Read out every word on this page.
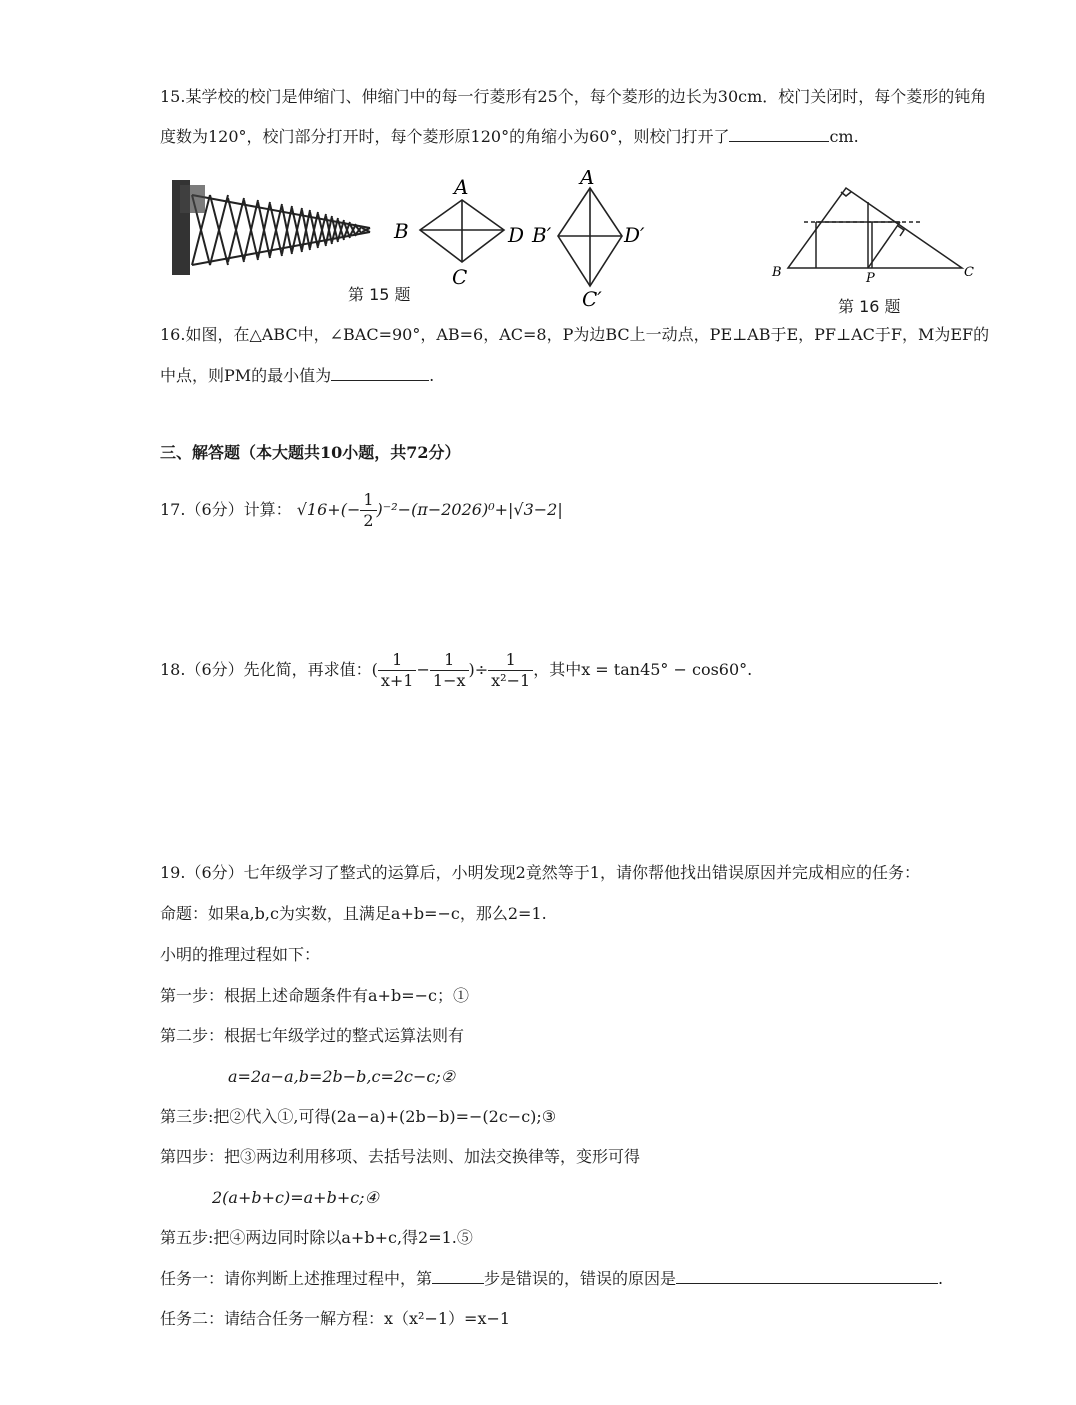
15.某学校的校门是伸缩门、伸缩门中的每一行菱形有25个，每个菱形的边长为30cm．校门关闭时，每个菱形的钝角
度数为120°，校门部分打开时，每个菱形原120°的角缩小为60°，则校门打开了	cm.
A
B
C
D
A
B′
C′
D′
第 15 题
B	P	C
第 16 题
16.如图，在△ABC中，∠BAC=90°，AB=6，AC=8，P为边BC上一动点，PE⊥AB于E，PF⊥AC于F，M为EF的
中点，则PM的最小值为	.
三、解答题（本大题共10小题，共72分）
17.（6分）计算： $√16+(- \frac{1}{2} )^{-2}-(\pi-2026)^0+|√3-2|$
18.（6分）先化简，再求值：( $\frac{1}{x+1} - \frac{1}{1-x}$ )÷ $\frac{1}{\text{x²−1}}$ ，其中x = tan45° − cos60°.
19.（6分）七年级学习了整式的运算后，小明发现2竟然等于1，请你帮他找出错误原因并完成相应的任务：
命题：如果a,b,c为实数，且满足a+b=−c，那么2=1.
小明的推理过程如下：
第一步：根据上述命题条件有a+b=−c；①
第二步：根据七年级学过的整式运算法则有
a=2a−a,b=2b−b,c=2c−c;②
第三步:把②代入①,可得(2a−a)+(2b−b)=−(2c−c);③
第四步：把③两边利用移项、去括号法则、加法交换律等，变形可得
2(a+b+c)=a+b+c;④
第五步:把④两边同时除以a+b+c,得2=1.⑤
任务一：请你判断上述推理过程中，第	步是错误的，错误的原因是	.
任务二：请结合任务一解方程：x（x²−1）=x−1
